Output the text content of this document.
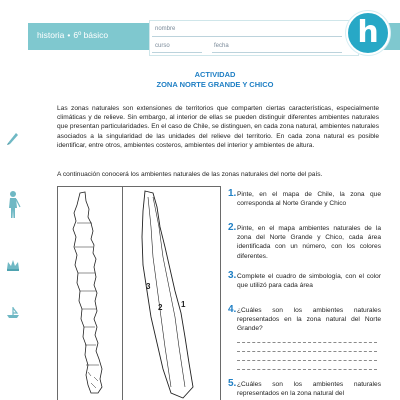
historia • 6º básico
nombre
curso	fecha	h
ACTIVIDAD
ZONA NORTE GRANDE Y CHICO
Las zonas naturales son extensiones de territorios que comparten ciertas características, especialmente climáticas y de relieve. Sin embargo, al interior de ellas se pueden distinguir diferentes ambientes naturales que presentan particularidades. En el caso de Chile, se distinguen, en cada zona natural, ambientes naturales asociados a la singularidad de las unidades del relieve del territorio. En cada zona natural es posible identificar, entre otros, ambientes costeros, ambientes del interior y ambientes de altura.
A continuación conocerá los ambientes naturales de las zonas naturales del norte del país.
3
2 1
1. Pinte, en el mapa de Chile, la zona que corresponda al Norte Grande y Chico
2. Pinte, en el mapa ambientes naturales de la zona del Norte Grande y Chico, cada área identificada con un número, con los colores diferentes.
3. Complete el cuadro de simbología, con el color que utilizó para cada área
4. ¿Cuáles son los ambientes naturales representados en la zona natural del Norte Grande?
5. ¿Cuáles son los ambientes naturales representados en la zona natural del
